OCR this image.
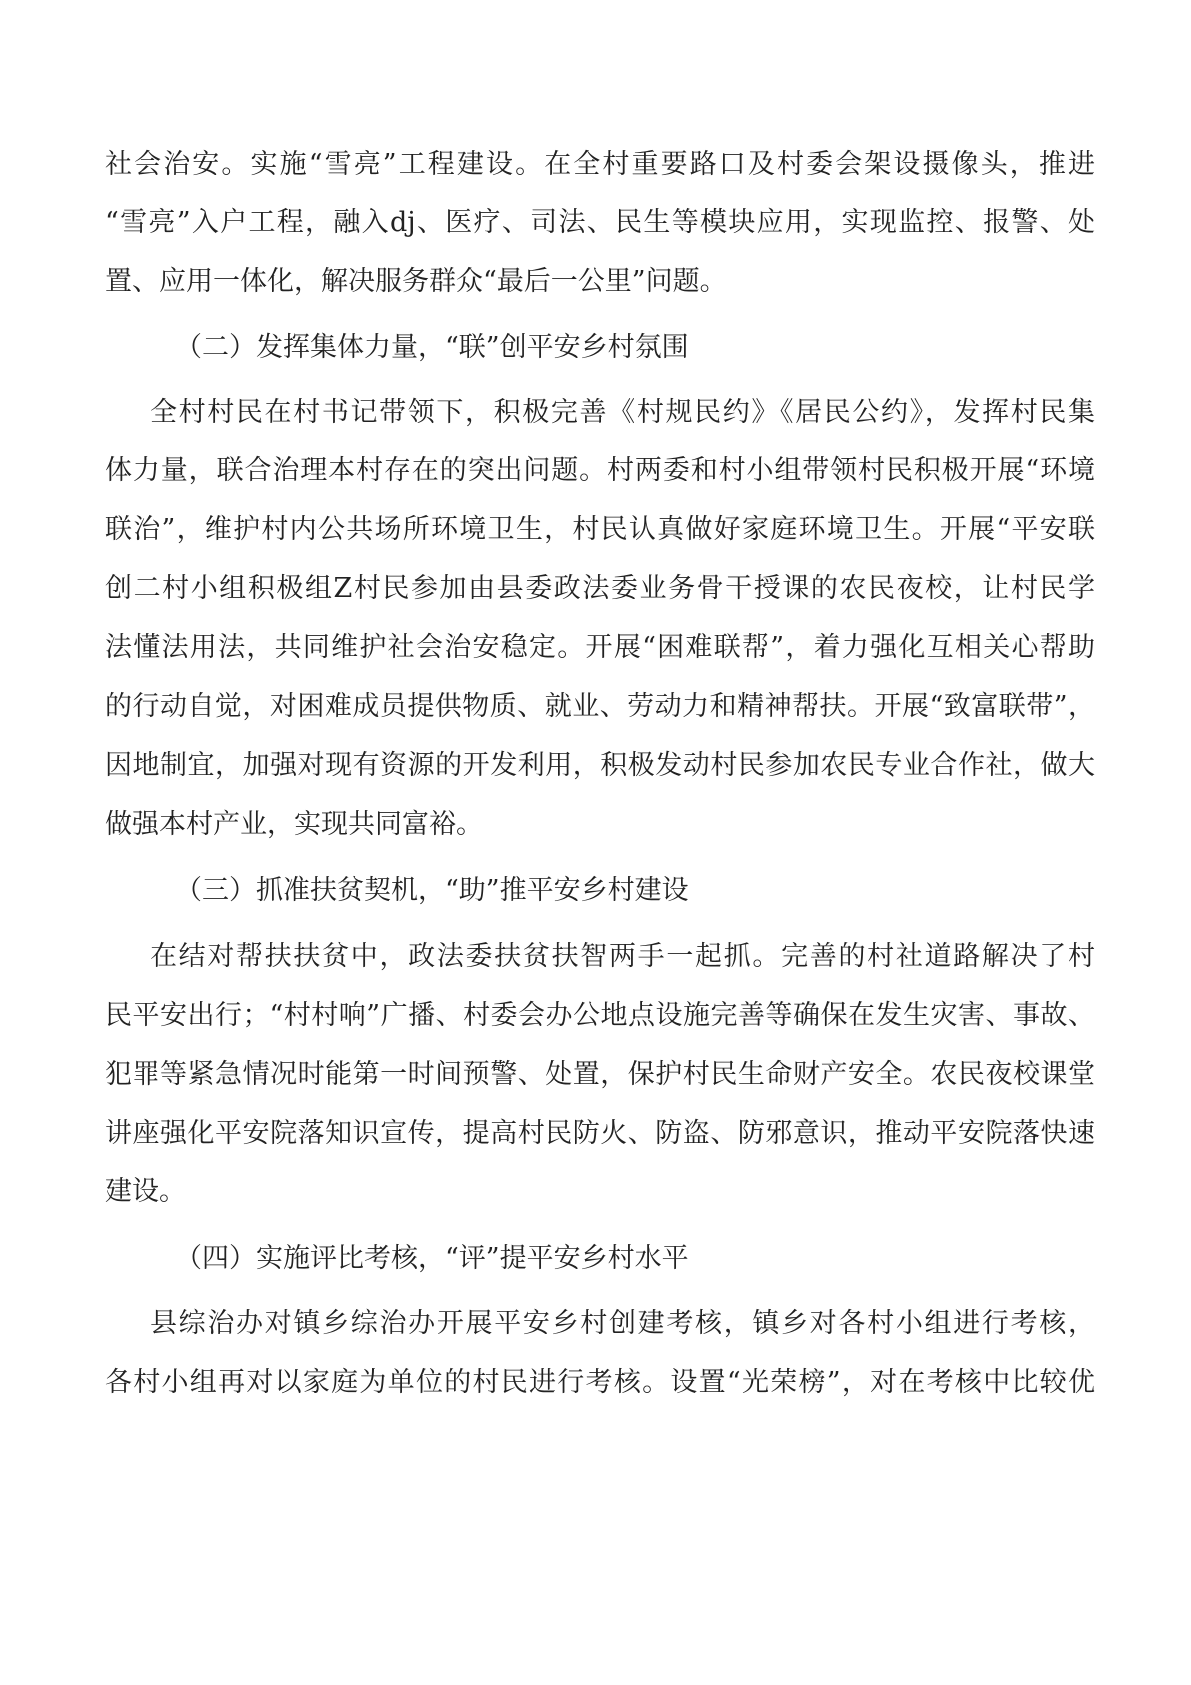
社会治安。实施“雪亮”工程建设。在全村重要路口及村委会架设摄像头，推进
“雪亮”入户工程，融入dj、医疗、司法、民生等模块应用，实现监控、报警、处
置、应用一体化，解决服务群众“最后一公里”问题。
（二）发挥集体力量，“联”创平安乡村氛围
全村村民在村书记带领下，积极完善《村规民约》《居民公约》，发挥村民集
体力量，联合治理本村存在的突出问题。村两委和村小组带领村民积极开展“环境
联治”，维护村内公共场所环境卫生，村民认真做好家庭环境卫生。开展“平安联
创二村小组积极组Z村民参加由县委政法委业务骨干授课的农民夜校，让村民学
法懂法用法，共同维护社会治安稳定。开展“困难联帮”，着力强化互相关心帮助
的行动自觉，对困难成员提供物质、就业、劳动力和精神帮扶。开展“致富联带”，
因地制宜，加强对现有资源的开发利用，积极发动村民参加农民专业合作社，做大
做强本村产业，实现共同富裕。
（三）抓准扶贫契机，“助”推平安乡村建设
在结对帮扶扶贫中，政法委扶贫扶智两手一起抓。完善的村社道路解决了村
民平安出行；“村村响”广播、村委会办公地点设施完善等确保在发生灾害、事故、
犯罪等紧急情况时能第一时间预警、处置，保护村民生命财产安全。农民夜校课堂
讲座强化平安院落知识宣传，提高村民防火、防盗、防邪意识，推动平安院落快速
建设。
（四）实施评比考核，“评”提平安乡村水平
县综治办对镇乡综治办开展平安乡村创建考核，镇乡对各村小组进行考核，
各村小组再对以家庭为单位的村民进行考核。设置“光荣榜”，对在考核中比较优
